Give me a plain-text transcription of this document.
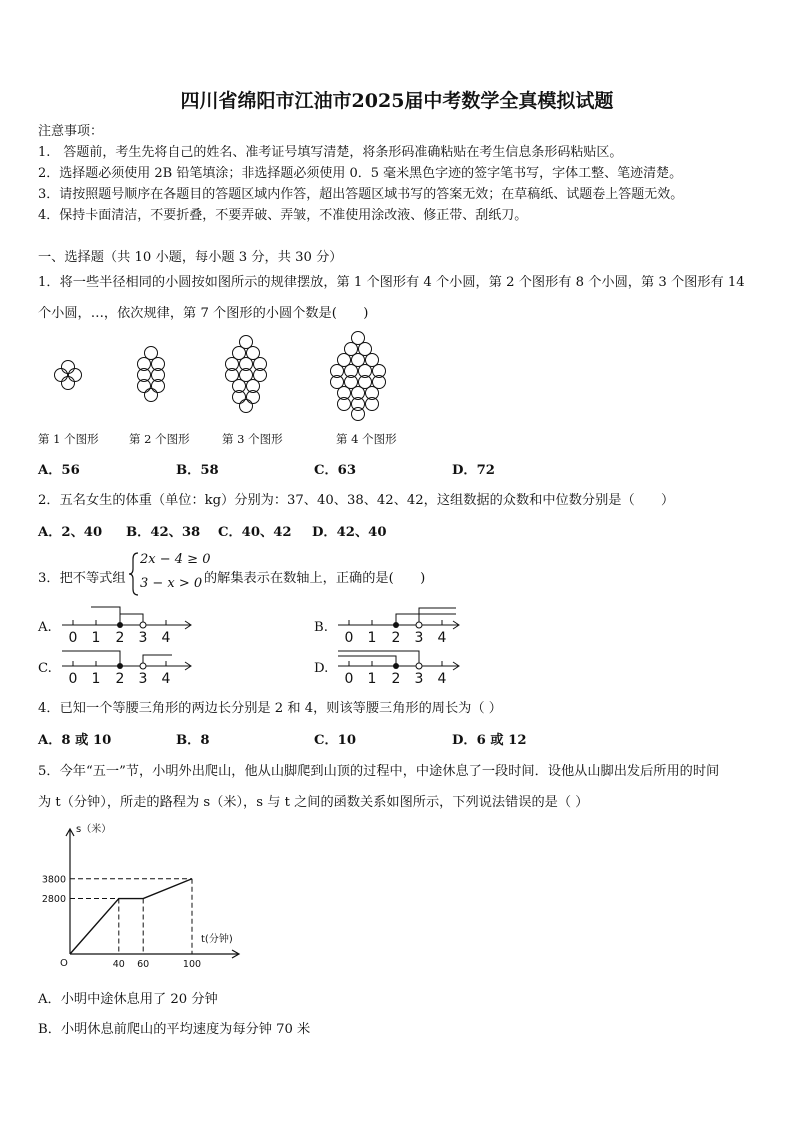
四川省绵阳市江油市2025届中考数学全真模拟试题
注意事项：
1.　答题前，考生先将自己的姓名、准考证号填写清楚，将条形码准确粘贴在考生信息条形码粘贴区。
2．选择题必须使用 2B 铅笔填涂；非选择题必须使用 0．5 毫米黑色字迹的签字笔书写，字体工整、笔迹清楚。
3．请按照题号顺序在各题目的答题区域内作答，超出答题区域书写的答案无效；在草稿纸、试题卷上答题无效。
4．保持卡面清洁，不要折叠，不要弄破、弄皱，不准使用涂改液、修正带、刮纸刀。
一、选择题（共 10 小题，每小题 3 分，共 30 分）
1．将一些半径相同的小圆按如图所示的规律摆放，第 1 个图形有 4 个小圆，第 2 个图形有 8 个小圆，第 3 个图形有 14
个小圆，…，依次规律，第 7 个图形的小圆个数是(　　)
第 1 个图形	第 2 个图形	第 3 个图形	第 4 个图形
A．56	B．58	C．63	D．72
2．五名女生的体重（单位：kg）分别为：37、40、38、42、42，这组数据的众数和中位数分别是（　　）
A．2、40 B．42、38 C．40、42 D．42、40
3．把不等式组
2x − 4 ≥ 0
3 − x > 0 的解集表示在数轴上，正确的是(　　)
A.	B.
C.	D.
0 1 2 3 4	0 1 2 3 4
0 1 2 3 4	0 1 2 3 4
4．已知一个等腰三角形的两边长分别是 2 和 4，则该等腰三角形的周长为（ ）
A．8 或 10	B．8	C．10	D．6 或 12
5．今年“五一”节，小明外出爬山，他从山脚爬到山顶的过程中，中途休息了一段时间．设他从山脚出发后所用的时间
为 t（分钟），所走的路程为 s（米），s 与 t 之间的函数关系如图所示，下列说法错误的是（ ）
s（米）
t(分钟)
O	40 60	100
2800
3800
A．小明中途休息用了 20 分钟
B．小明休息前爬山的平均速度为每分钟 70 米
